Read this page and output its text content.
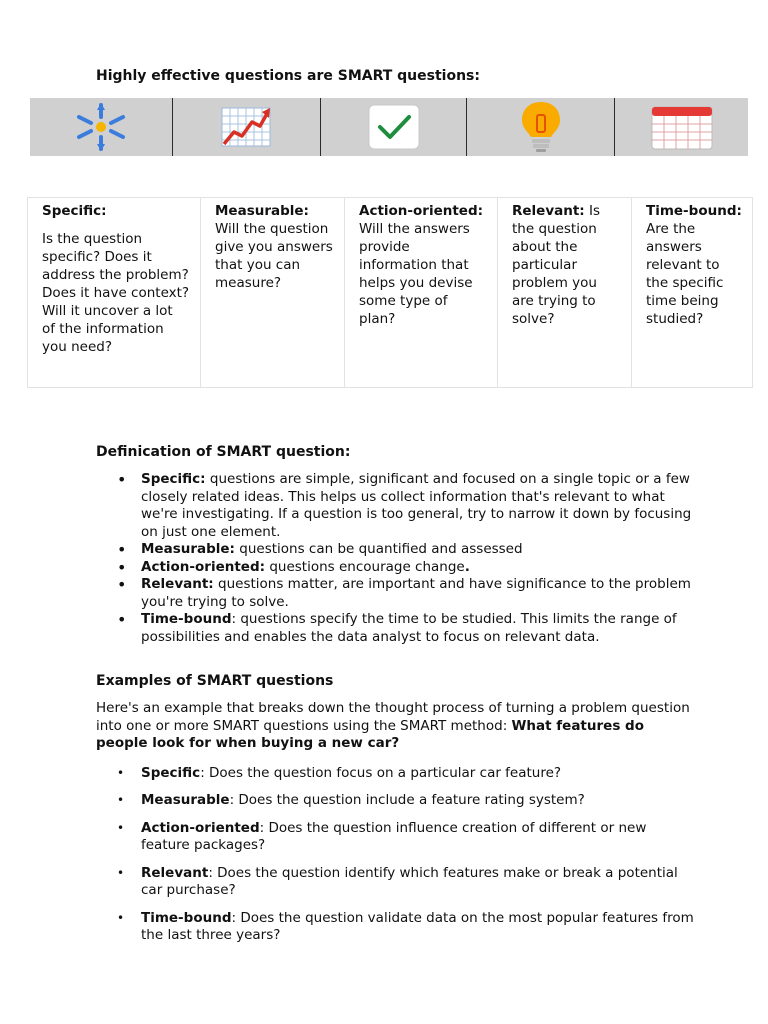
Highly effective questions are SMART questions:

Specific:

Is the question specific? Does it address the problem? Does it have context? Will it uncover a lot of the information you need?

Measurable:

Will the question give you answers that you can measure?

Action-oriented: Will the answers provide information that helps you devise some type of plan?

Relevant: Is the question about the particular problem you are trying to solve?

Time-bound: Are the answers relevant to the specific time being studied?

Definication of SMART question:
• Specific: questions are simple, significant and focused on a single topic or a few closely related ideas. This helps us collect information that's relevant to what we're investigating. If a question is too general, try to narrow it down by focusing on just one element.
• Measurable: questions can be quantified and assessed
• Action-oriented: questions encourage change.
• Relevant: questions matter, are important and have significance to the problem you're trying to solve.
• Time-bound: questions specify the time to be studied. This limits the range of possibilities and enables the data analyst to focus on relevant data.
Examples of SMART questions

Here's an example that breaks down the thought process of turning a problem question into one or more SMART questions using the SMART method: What features do people look for when buying a new car?

• Specific: Does the question focus on a particular car feature?
• Measurable: Does the question include a feature rating system?
• Action-oriented: Does the question influence creation of different or new feature packages?
• Relevant: Does the question identify which features make or break a potential car purchase?
• Time-bound: Does the question validate data on the most popular features from the last three years?
